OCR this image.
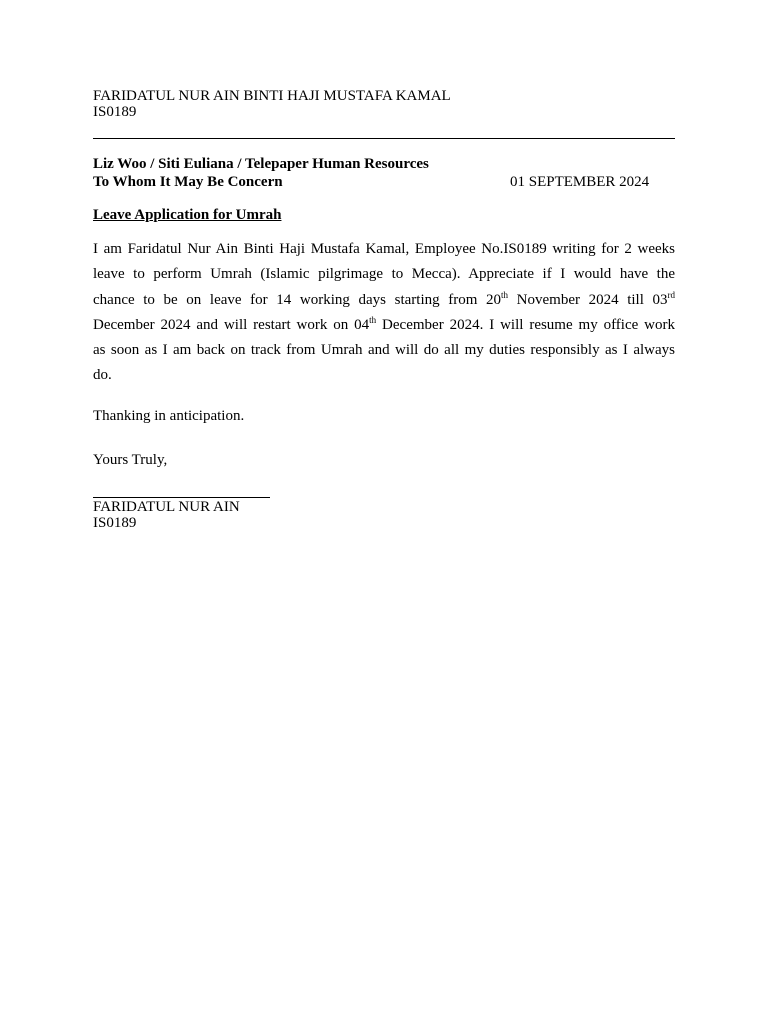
FARIDATUL NUR AIN BINTI HAJI MUSTAFA KAMAL
IS0189
Liz Woo / Siti Euliana / Telepaper Human Resources
To Whom It May Be Concern	01 SEPTEMBER 2024
Leave Application for Umrah
I am Faridatul Nur Ain Binti Haji Mustafa Kamal, Employee No.IS0189 writing for 2 weeks
leave to perform Umrah (Islamic pilgrimage to Mecca). Appreciate if I would have the
chance to be on leave for 14 working days starting from 20th November 2024 till 03rd
December 2024 and will restart work on 04th December 2024. I will resume my office work
as soon as I am back on track from Umrah and will do all my duties responsibly as I always
do.
Thanking in anticipation.
Yours Truly,
FARIDATUL NUR AIN
IS0189
